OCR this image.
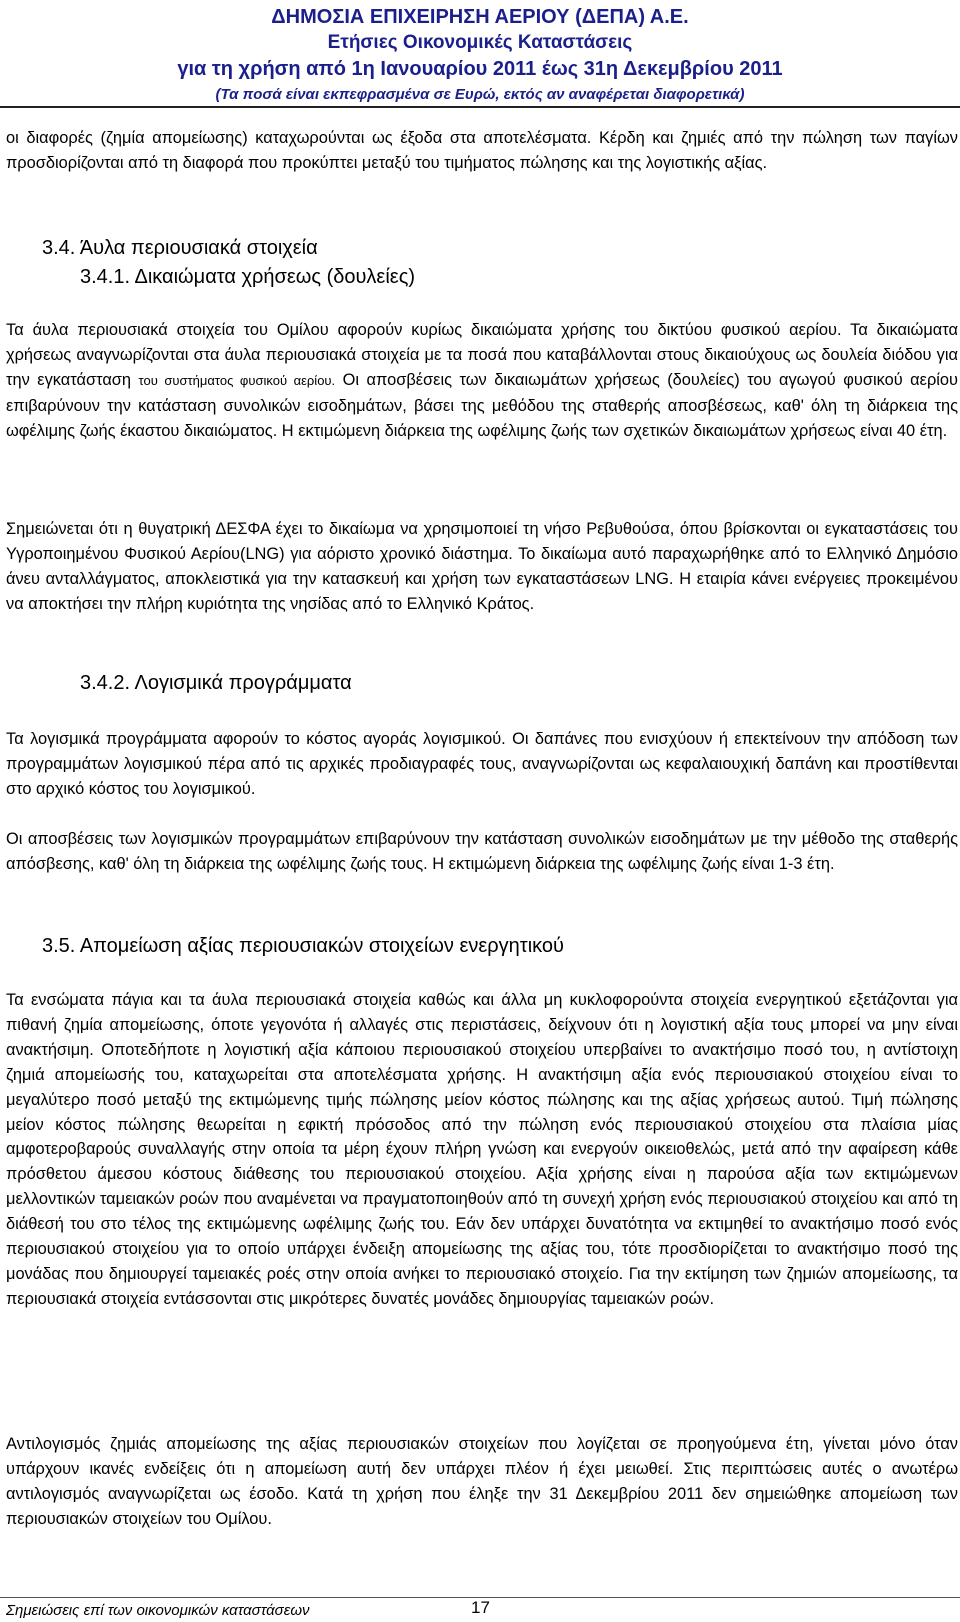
ΔΗΜΟΣΙΑ ΕΠΙΧΕΙΡΗΣΗ ΑΕΡΙΟΥ (ΔΕΠΑ) Α.Ε.
Ετήσιες Οικονομικές Καταστάσεις
για τη χρήση από 1η Ιανουαρίου 2011 έως 31η Δεκεμβρίου 2011
(Τα ποσά είναι εκπεφρασμένα σε Ευρώ, εκτός αν αναφέρεται διαφορετικά)
οι διαφορές (ζημία απομείωσης) καταχωρούνται ως έξοδα στα αποτελέσματα. Κέρδη και ζημιές από την πώληση των παγίων προσδιορίζονται από τη διαφορά που προκύπτει μεταξύ του τιμήματος πώλησης και της λογιστικής αξίας.
3.4. Άυλα περιουσιακά στοιχεία
3.4.1. Δικαιώματα χρήσεως (δουλείες)
Τα άυλα περιουσιακά στοιχεία του Ομίλου αφορούν κυρίως δικαιώματα χρήσης του δικτύου φυσικού αερίου. Τα δικαιώματα χρήσεως αναγνωρίζονται στα άυλα περιουσιακά στοιχεία με τα ποσά που καταβάλλονται στους δικαιούχους ως δουλεία διόδου για την εγκατάσταση του συστήματος φυσικού αερίου. Οι αποσβέσεις των δικαιωμάτων χρήσεως (δουλείες) του αγωγού φυσικού αερίου επιβαρύνουν την κατάσταση συνολικών εισοδημάτων, βάσει της μεθόδου της σταθερής αποσβέσεως, καθ' όλη τη διάρκεια της ωφέλιμης ζωής έκαστου δικαιώματος. Η εκτιμώμενη διάρκεια της ωφέλιμης ζωής των σχετικών δικαιωμάτων χρήσεως είναι 40 έτη.
Σημειώνεται ότι η θυγατρική ΔΕΣΦΑ έχει το δικαίωμα να χρησιμοποιεί τη νήσο Ρεβυθούσα, όπου βρίσκονται οι εγκαταστάσεις του Υγροποιημένου Φυσικού Αερίου(LNG) για αόριστο χρονικό διάστημα. Το δικαίωμα αυτό παραχωρήθηκε από το Ελληνικό Δημόσιο άνευ ανταλλάγματος, αποκλειστικά για την κατασκευή και χρήση των εγκαταστάσεων LNG. Η εταιρία κάνει ενέργειες προκειμένου να αποκτήσει την πλήρη κυριότητα της νησίδας από το Ελληνικό Κράτος.
3.4.2. Λογισμικά προγράμματα
Τα λογισμικά προγράμματα αφορούν το κόστος αγοράς λογισμικού. Οι δαπάνες που ενισχύουν ή επεκτείνουν την απόδοση των προγραμμάτων λογισμικού πέρα από τις αρχικές προδιαγραφές τους, αναγνωρίζονται ως κεφαλαιουχική δαπάνη και προστίθενται στο αρχικό κόστος του λογισμικού.
Οι αποσβέσεις των λογισμικών προγραμμάτων επιβαρύνουν την κατάσταση συνολικών εισοδημάτων με την μέθοδο της σταθερής απόσβεσης, καθ' όλη τη διάρκεια της ωφέλιμης ζωής τους. Η εκτιμώμενη διάρκεια της ωφέλιμης ζωής είναι 1-3 έτη.
3.5. Απομείωση αξίας περιουσιακών στοιχείων ενεργητικού
Τα ενσώματα πάγια και τα άυλα περιουσιακά στοιχεία καθώς και άλλα μη κυκλοφορούντα στοιχεία ενεργητικού εξετάζονται για πιθανή ζημία απομείωσης, όποτε γεγονότα ή αλλαγές στις περιστάσεις, δείχνουν ότι η λογιστική αξία τους μπορεί να μην είναι ανακτήσιμη. Οποτεδήποτε η λογιστική αξία κάποιου περιουσιακού στοιχείου υπερβαίνει το ανακτήσιμο ποσό του, η αντίστοιχη ζημιά απομείωσής του, καταχωρείται στα αποτελέσματα χρήσης. Η ανακτήσιμη αξία ενός περιουσιακού στοιχείου είναι το μεγαλύτερο ποσό μεταξύ της εκτιμώμενης τιμής πώλησης μείον κόστος πώλησης και της αξίας χρήσεως αυτού. Τιμή πώλησης μείον κόστος πώλησης θεωρείται η εφικτή πρόσοδος από την πώληση ενός περιουσιακού στοιχείου στα πλαίσια μίας αμφοτεροβαρούς συναλλαγής στην οποία τα μέρη έχουν πλήρη γνώση και ενεργούν οικειοθελώς, μετά από την αφαίρεση κάθε πρόσθετου άμεσου κόστους διάθεσης του περιουσιακού στοιχείου. Αξία χρήσης είναι η παρούσα αξία των εκτιμώμενων μελλοντικών ταμειακών ροών που αναμένεται να πραγματοποιηθούν από τη συνεχή χρήση ενός περιουσιακού στοιχείου και από τη διάθεσή του στο τέλος της εκτιμώμενης ωφέλιμης ζωής του. Εάν δεν υπάρχει δυνατότητα να εκτιμηθεί το ανακτήσιμο ποσό ενός περιουσιακού στοιχείου για το οποίο υπάρχει ένδειξη απομείωσης της αξίας του, τότε προσδιορίζεται το ανακτήσιμο ποσό της μονάδας που δημιουργεί ταμειακές ροές στην οποία ανήκει το περιουσιακό στοιχείο. Για την εκτίμηση των ζημιών απομείωσης, τα περιουσιακά στοιχεία εντάσσονται στις μικρότερες δυνατές μονάδες δημιουργίας ταμειακών ροών.
Αντιλογισμός ζημιάς απομείωσης της αξίας περιουσιακών στοιχείων που λογίζεται σε προηγούμενα έτη, γίνεται μόνο όταν υπάρχουν ικανές ενδείξεις ότι η απομείωση αυτή δεν υπάρχει πλέον ή έχει μειωθεί. Στις περιπτώσεις αυτές ο ανωτέρω αντιλογισμός αναγνωρίζεται ως έσοδο. Κατά τη χρήση που έληξε την 31 Δεκεμβρίου 2011 δεν σημειώθηκε απομείωση των περιουσιακών στοιχείων του Ομίλου.
Σημειώσεις επί των οικονομικών καταστάσεων	17
